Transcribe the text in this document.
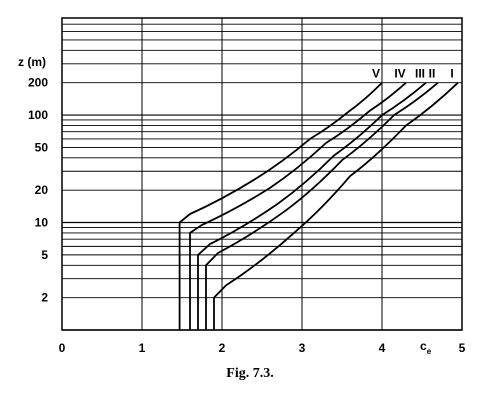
0	1	2	3	4	5
2
5
10
20
50
100
200
V IV III II I
z (m)
$c_e$
Fig. 7.3.
